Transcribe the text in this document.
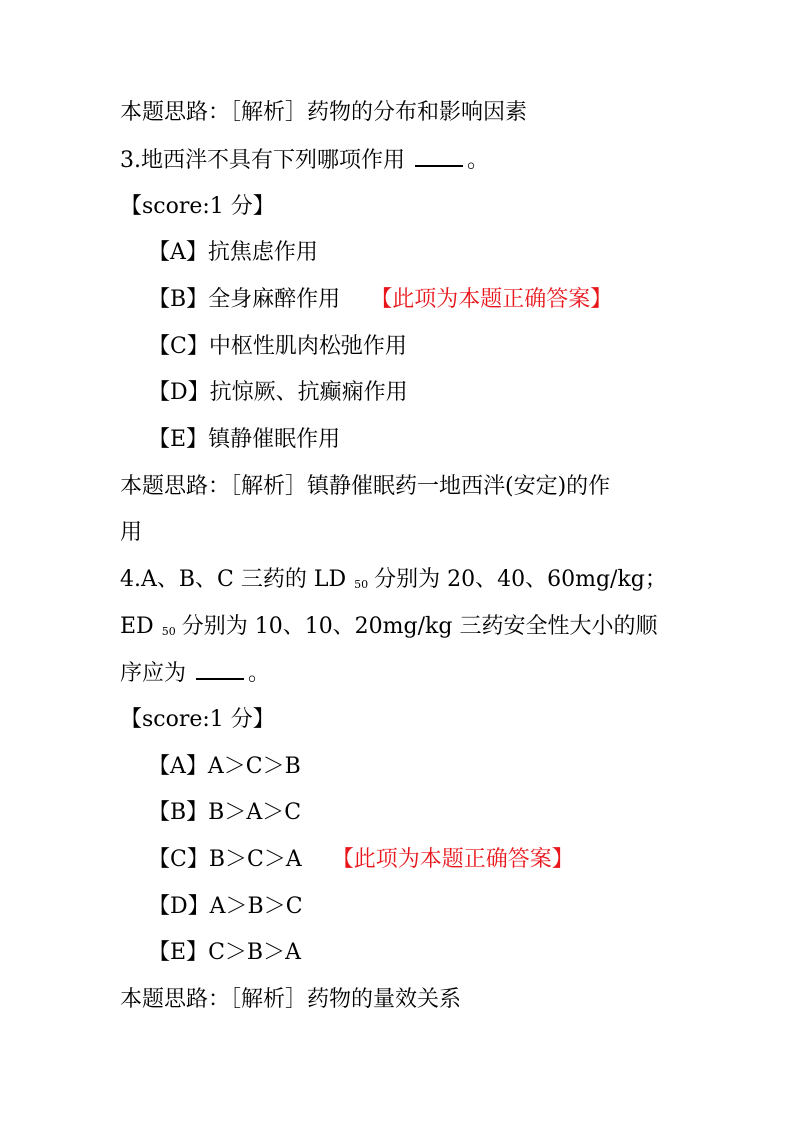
本题思路：［解析］药物的分布和影响因素
3.地西泮不具有下列哪项作用	。
【score:1 分】
【A】抗焦虑作用
【B】全身麻醉作用 【此项为本题正确答案】
【C】中枢性肌肉松弛作用
【D】抗惊厥、抗癫痫作用
【E】镇静催眠作用
本题思路：［解析］镇静催眠药一地西泮(安定)的作
用
4.A、B、C 三药的 LD 50 分别为 20、40、60mg/kg；
ED 50 分别为 10、10、20mg/kg 三药安全性大小的顺
序应为	。
【score:1 分】
【A】A＞C＞B
【B】B＞A＞C
【C】B＞C＞A 【此项为本题正确答案】
【D】A＞B＞C
【E】C＞B＞A
本题思路：［解析］药物的量效关系
